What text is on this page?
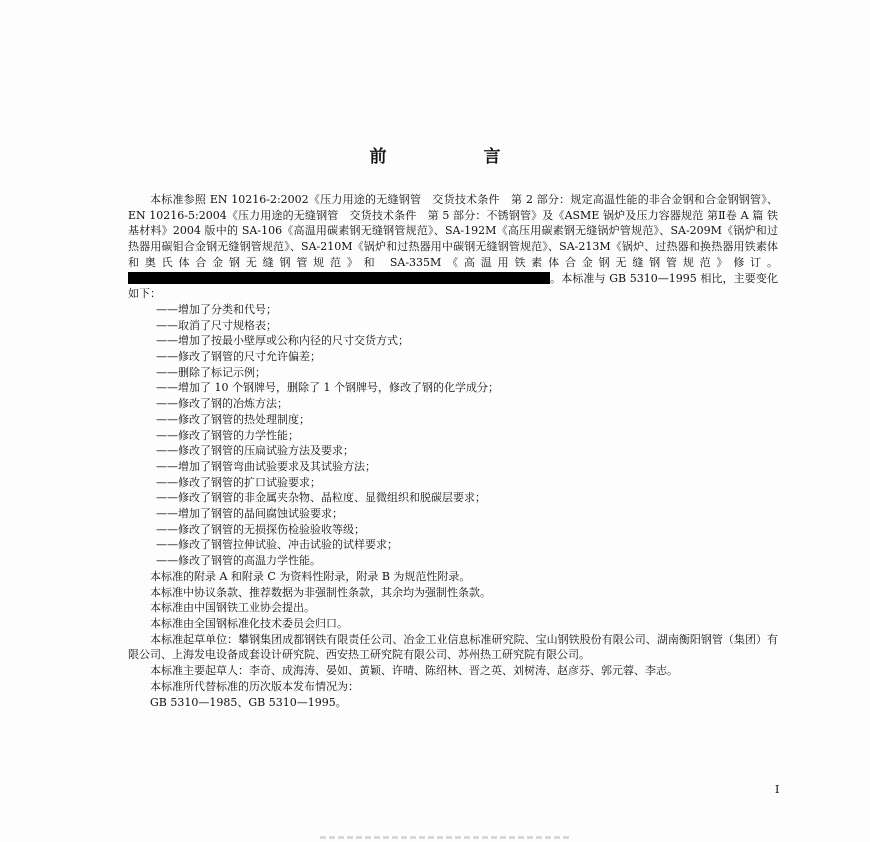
前　言

本标准参照 EN 10216-2:2002《压力用途的无缝钢管　交货技术条件　第 2 部分：规定高温性能的非合金钢和合金钢钢管》、EN 10216-5:2004《压力用途的无缝钢管　交货技术条件　第 5 部分：不锈钢管》及《ASME 锅炉及压力容器规范 第Ⅱ卷 A 篇 铁基材料》2004 版中的 SA-106《高温用碳素钢无缝钢管规范》、SA-192M《高压用碳素钢无缝锅炉管规范》、SA-209M《锅炉和过热器用碳钼合金钢无缝钢管规范》、SA-210M《锅炉和过热器用中碳钢无缝钢管规范》、SA-213M《锅炉、过热器和换热器用铁素体和奥氏体合金钢无缝钢管规范》和 SA-335M《高温用铁素体合金钢无缝钢管规范》修订。。本标准与 GB 5310—1995 相比，主要变化如下：

——增加了分类和代号；
——取消了尺寸规格表；
——增加了按最小壁厚或公称内径的尺寸交货方式；
——修改了钢管的尺寸允许偏差；
——删除了标记示例；
——增加了 10 个钢牌号，删除了 1 个钢牌号，修改了钢的化学成分；
——修改了钢的冶炼方法；
——修改了钢管的热处理制度；
——修改了钢管的力学性能；
——修改了钢管的压扁试验方法及要求；
——增加了钢管弯曲试验要求及其试验方法；
——修改了钢管的扩口试验要求；
——修改了钢管的非金属夹杂物、晶粒度、显微组织和脱碳层要求；
——增加了钢管的晶间腐蚀试验要求；
——修改了钢管的无损探伤检验验收等级；
——修改了钢管拉伸试验、冲击试验的试样要求；
——修改了钢管的高温力学性能。

本标准的附录 A 和附录 C 为资料性附录，附录 B 为规范性附录。

本标准中协议条款、推荐数据为非强制性条款，其余均为强制性条款。

本标准由中国钢铁工业协会提出。

本标准由全国钢标准化技术委员会归口。

本标准起草单位：攀钢集团成都钢铁有限责任公司、冶金工业信息标准研究院、宝山钢铁股份有限公司、湖南衡阳钢管（集团）有限公司、上海发电设备成套设计研究院、西安热工研究院有限公司、苏州热工研究院有限公司。

本标准主要起草人：李奇、成海涛、晏如、黄颖、许晴、陈绍林、晋之英、刘树涛、赵彦芬、郭元蓉、李志。

本标准所代替标准的历次版本发布情况为：

GB 5310—1985、GB 5310—1995。

I
